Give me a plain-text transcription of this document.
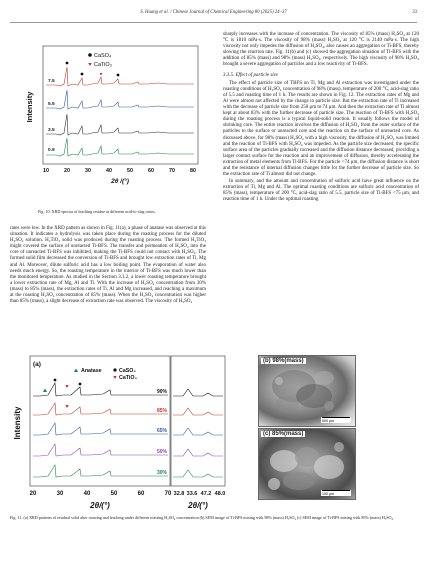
S. Huang et al. / Chinese Journal of Chemical Engineering 80 (2025) 24–37	33
CaSO₄
CaTiO₃
7.5
5.5
3.5
0.9
Intensity
10	20	30	40	50	60	70	80
2θ /(°)
Fig. 10. XRD spectra of leaching residue at different acid-to-slag ratios.

rates were low. In the XRD pattern as shown in Fig. 11(a), a phase of anatase was observed at this situation. It indicates a hydrolysis was taken place during the roasting process for the diluted H₂SO₄ solution. H₂TiO₃ solid was produced during the roasting process. The formed H₂TiO₃ might covered the surface of unreacted Ti-BFS. The transfer and permeation of H₂SO₄ into the core of unreacted Ti-BFS was inhibited, making the Ti-BFS could not contact with H₂SO₄. The formed solid film decreased the conversion of Ti-BFS and brought low extraction rates of Ti, Mg and Al. Moreover, dilute sulfuric acid has a low boiling point. The evaporation of water also needs much energy. So, the roasting temperature in the interior of Ti-BFS was much lower than the monitored temperature. As studied in the Section 3.3.2, a lower roasting temperature brought a lower extraction rate of Mg, Al and Ti. With the increase of H₂SO₄ concentration from 30% (mass) to 85% (mass), the extraction rates of Ti, Al and Mg increased, and reaching a maximum at the roasting H₂SO₄ concentration of 85% (mass). When the H₂SO₄ concentration was higher than 85% (mass), a slight decrease of extraction rate was observed. The viscosity of H₂SO₄

sharply increases with the increase of concentration. The viscosity of 85% (mass) H₂SO₄ at 120 °C is 1810 mPa·s. The viscosity of 98% (mass) H₂SO₄ at 120 °C is 2140 mPa·s. The high viscosity not only impedes the diffusion of H₂SO₄, also causes an aggregation or Ti-BFS, thereby slowing the reaction rate. Fig. 11(b) and (c) showed the aggregation situation of Ti-BFS with the addition of 85% (mass) and 98% (mass) H₂SO₄, respectively. The high viscosity of 98% H₂SO₄ brought a severe aggregation of particles and a low reactivity of Ti-BFS.

3.3.5. Effect of particle size

The effect of particle size of TBFS on Ti, Mg and Al extraction was investigated under the roasting conditions of H₂SO₄ concentration of 98% (mass), temperature of 200 °C, acid-slag ratio of 5.5 and roasting time of 1 h. The results are shown in Fig. 12. The extraction rates of Mg and Al were almost not affected by the change in particle size. But the extraction rate of Ti increased with the decrease of particle size from 250 μm to 74 μm. And then the extraction rate of Ti almost kept at about 83% with the further decrease of particle size. The reaction of Ti-BFS with H₂SO₄ during the roasting process is a typical liquid-solid reaction. It usually follows the model of shrinking core. The entire reaction involves the diffusion of H₂SO₄ from the outer surface of the particles to the surface or unreacted core and the reaction on the surface of unreacted core. As discussed above, for 98% (mass) H₂SO₄ with a high viscosity, the diffusion of H₂SO₄ was limited and the reaction of Ti-BFS with H₂SO₄ was impeded. As the particle size decreased, the specific surface area of the particles gradually increased and the diffusion distance decreased, providing a larger contact surface for the reaction and an improvement of diffusion, thereby accelerating the extraction of metal elements from Ti-BFS. For the particle <74 μm, the diffusion distance is short and the resistance of internal diffusion changes little for the further decrease of particle size. So the extraction rate of Ti almost did not change.

In summary, and the amount and concentration of sulfuric acid have great influence on the extraction of Ti, Mg and Al. The optimal roasting conditions are sulfuric acid concentration of 85% (mass), temperature of 200 °C, acid-slag ratio of 5.5, particle size of Ti-BFS <75 μm, and reaction time of 1 h. Under the optimal roasting

(a)
Anatase	CaSO₄
CaTiO₃
90%
85%
65%
50%
30%
Intensity
20	30	40	50	60	70 32.8 33.6 47.2 48.0
2θ/(°)	2θ/(°)
(b) 98%(mass)
500 μm
(c) 85%(mass)
100 μm
Fig. 11. (a) XRD patterns of residual solid after roasting and leaching under different roasting H₂SO₄ concentration (b) SEM image of Ti-BFS mixing with 98% (mass) H₂SO₄ (c) SEM image of Ti-BFS mixing with 85% (mass) H₂SO₄.
